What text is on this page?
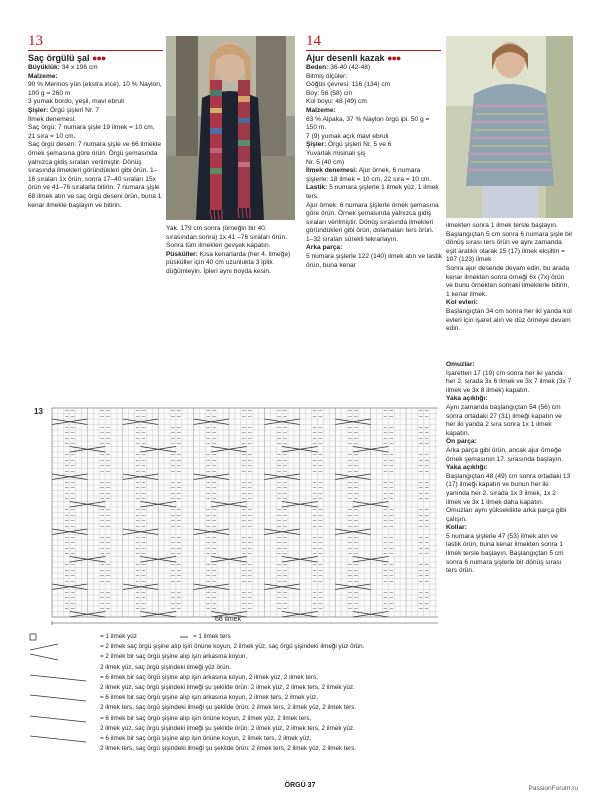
13
Saç örgülü şal ●●●

Büyüklük: 34 x 196 cm

Malzeme:

90 % Merinos yün (ekstra ince), 10 % Naylon, 100 g = 260 m

3 yumak bordo, yeşil, mavi ebruli

Şişler: Örgü şişleri Nr. 7

İlmek denemesi:

Saç örgü: 7 numara şişle 19 ilmek = 10 cm, 21 sıra = 10 cm.

Saç örgü desen: 7 numara şişle ve 66 ilmekle örnek şemasına göre örün. Örgü şemasında yalnızca gidiş sıraları verilmiştir. Dönüş sırasında ilmekleri göründükleri gibi örün. 1–16 sıraları 1x örün, sonra 17–40 sıraları 15x örün ve 41–76 sıralarla bitirin. 7 numara şişle 68 ilmek atın ve saç örgü deseni örün, buna 1 kenar ilmekle başlayın ve bitirin.

Yak. 179 cm sonra (örneğin bir 40. sırasından sonra) 1x 41 –76 sıraları örün. Sonra tüm ilmekleri gevşek kapatın.

Püsküller: Kısa kenarlarda (her 4. ilmeğe) püsküller için 40 cm uzunlukta 3 iplik düğümleyin. İpleri aynı boyda kesin.

14
Ajur desenli kazak ●●●

Beden: 36-40 (42-48)

Bitmiş ölçüler:

Göğüs çevresi: 116 (134) cm

Boy: 56 (58) cm

Kol boyu: 48 (49) cm

Malzeme:

63 % Alpaka, 37 % Naylon örgü ipi. 50 g = 150 m.

7 (9) yumak açık mavi ebruli

Şişler: Örgü şişleri Nr. 5 ve 6

Yuvarlak misinalı şiş

Nr. 5 (40 cm)

İlmek denemesi: Ajur örnek, 6 numara şişlerle: 18 ilmek = 10 cm, 22 sıra = 10 cm.

Lastik: 5 numara şişlerle 1 ilmek yüz, 1 ilmek ters.

Ajur örnek: 6 numara şişlerle örnek şemasına göre örün. Örnek şemasında yalnızca gidiş sıraları verilmiştir. Dönüş sırasında ilmekleri göründükleri gibi örün, dolamaları ters örün. 1–32 sıraları sürekli tekrarlayın.

Arka parça:

5 numara şişlerle 122 (140) ilmek atın ve lastik örün, buna kenar

ilmekten sonra 1 ilmek tersle başlayın. Başlangıçtan 5 cm sonra 6 numara şişle bir dönüş sırası ters örün ve aynı zamanda eşit aralıklı olarak 15 (17) ilmek eksiltin = 107 (123) ilmek

Sonra ajur desende devam edin, bu arada kenar ilmekten sonra örneği 6x (7x) örün ve bunu örnekten sonraki ilmeklerle bitirin, 1 kenar ilmek.

Kol evleri:

Başlangıçtan 34 cm sonra her iki yanda kol evleri için işaret alın ve düz örmeye devam edin.

Omuzlar:

İşaretten 17 (19) cm sonra her iki yanda her 2. sırada 3x 6 ilmek ve 3x 7 ilmek (3x 7 ilmek ve 3x 8 ilmek) kapatın.

Yaka açıklığı:

Aynı zamanda başlangıçtan 54 (56) cm sonra ortadaki 27 (31) ilmeği kapatın ve her iki yanda 2 sıra sonra 1x 1 ilmek kapatın.

Ön parça:

Arka parça gibi örün, ancak ajur örneğe örnek şemasının 17. sırasında başlayın.

Yaka açıklığı:

Başlangıçtan 48 (49) cm sonra ortadaki 13 (17) ilmeği kapatın ve bunun her iki yanında her 2. sırada 1x 3 ilmek, 1x 2 ilmek ve 3x 1 ilmek daha kapatın.

Omuzları aynı yükseklikte arka parça gibi çalışın.

Kollar:

5 numara şişlerle 47 (53) ilmek atın ve lastik örün, buna kenar ilmekten sonra 1 ilmek tersle başlayın. Başlangıçtan 5 cm sonra 6 numara şişlerle bir dönüş sırası ters örün.

13
66 ilmek
= 1 ilmek yüz	= 1 ilmek ters
= 2 ilmek saç örgü şişine alıp işin önüne koyun, 2 ilmek yüz, saç örgü şişindeki ilmeği yüz örün.
= 2 ilmek bir saç örgü şişine alıp işin arkasına koyun,
2 ilmek yüz, saç örgü şişindeki ilmeği yüz örün.
= 6 ilmek bir saç örgü şişine alıp işin arkasına koyun, 2 ilmek yüz, 2 ilmek ters,
2 ilmek yüz, saç örgü şişindeki ilmeği şu şekilde örün: 2 ilmek yüz, 2 ilmek ters, 2 ilmek yüz.
= 6 ilmek bir saç örgü şişine alıp işin arkasına koyun, 2 ilmek ters, 2 ilmek yüz,
2 ilmek ters, saç örgü şişindeki ilmeği şu şekilde örün: 2 ilmek ters, 2 ilmek yüz, 2 ilmek ters.
= 6 ilmek bir saç örgü şişine alıp işin önüne koyun, 2 ilmek yüz, 2 ilmek ters,
2 ilmek yüz, saç örgü şişindeki ilmeği şu şekilde örün: 2 ilmek yüz, 2 ilmek ters, 2 ilmek yüz.
= 6 ilmek bir saç örgü şişine alıp işin önüne koyun, 2 ilmek ters, 2 ilmek yüz,
2 ilmek ters, saç örgü şişindeki ilmeği şu şekilde örün: 2 ilmek ters, 2 ilmek yüz, 2 ilmek ters.
ÖRGÜ 37	PassionForum.ru
